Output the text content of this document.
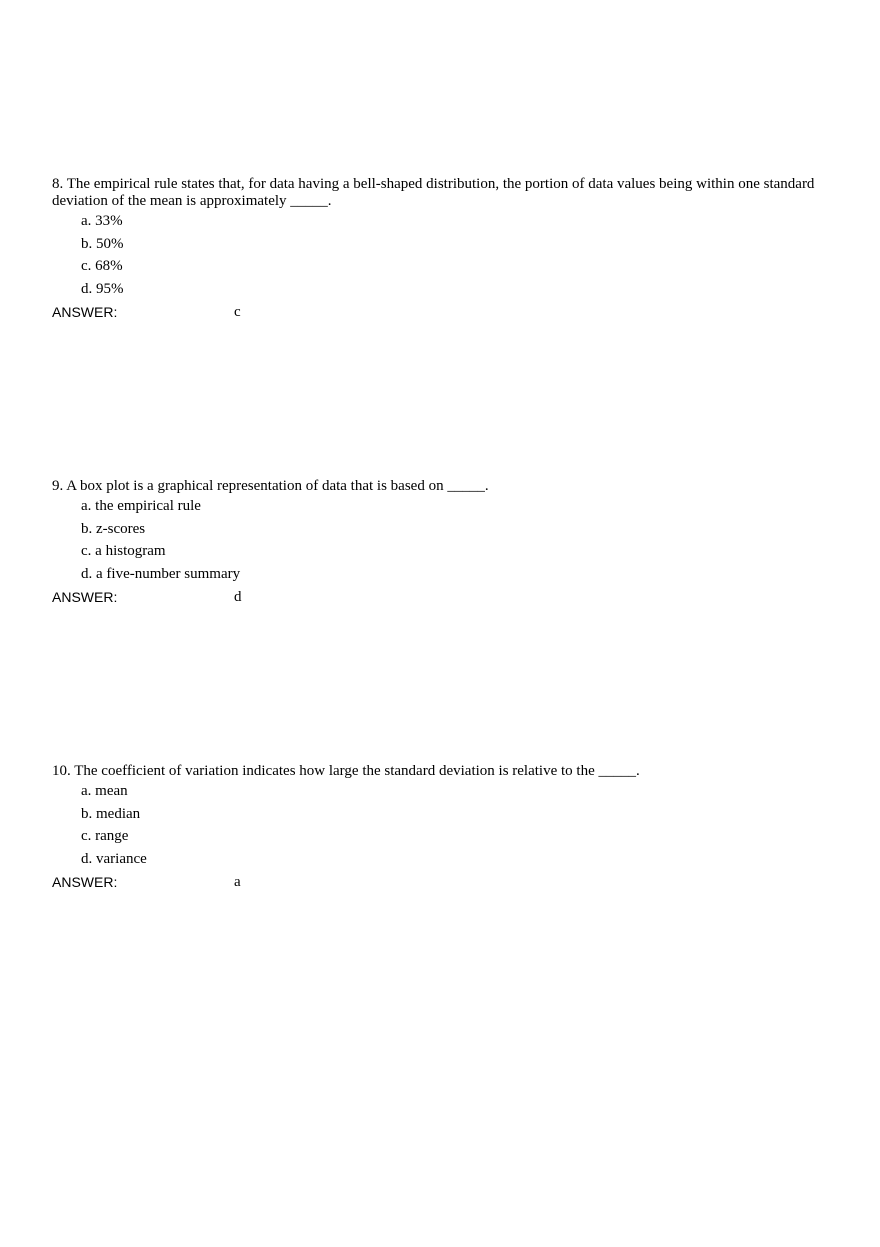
8. The empirical rule states that, for data having a bell-shaped distribution, the portion of data values being within one standard deviation of the mean is approximately _____.

a. 33%
b. 50%
c. 68%
d. 95%
ANSWER:	c

9. A box plot is a graphical representation of data that is based on _____.

a. the empirical rule
b. z-scores
c. a histogram
d. a five-number summary
ANSWER:	d

10. The coefficient of variation indicates how large the standard deviation is relative to the _____.

a. mean
b. median
c. range
d. variance
ANSWER:	a
